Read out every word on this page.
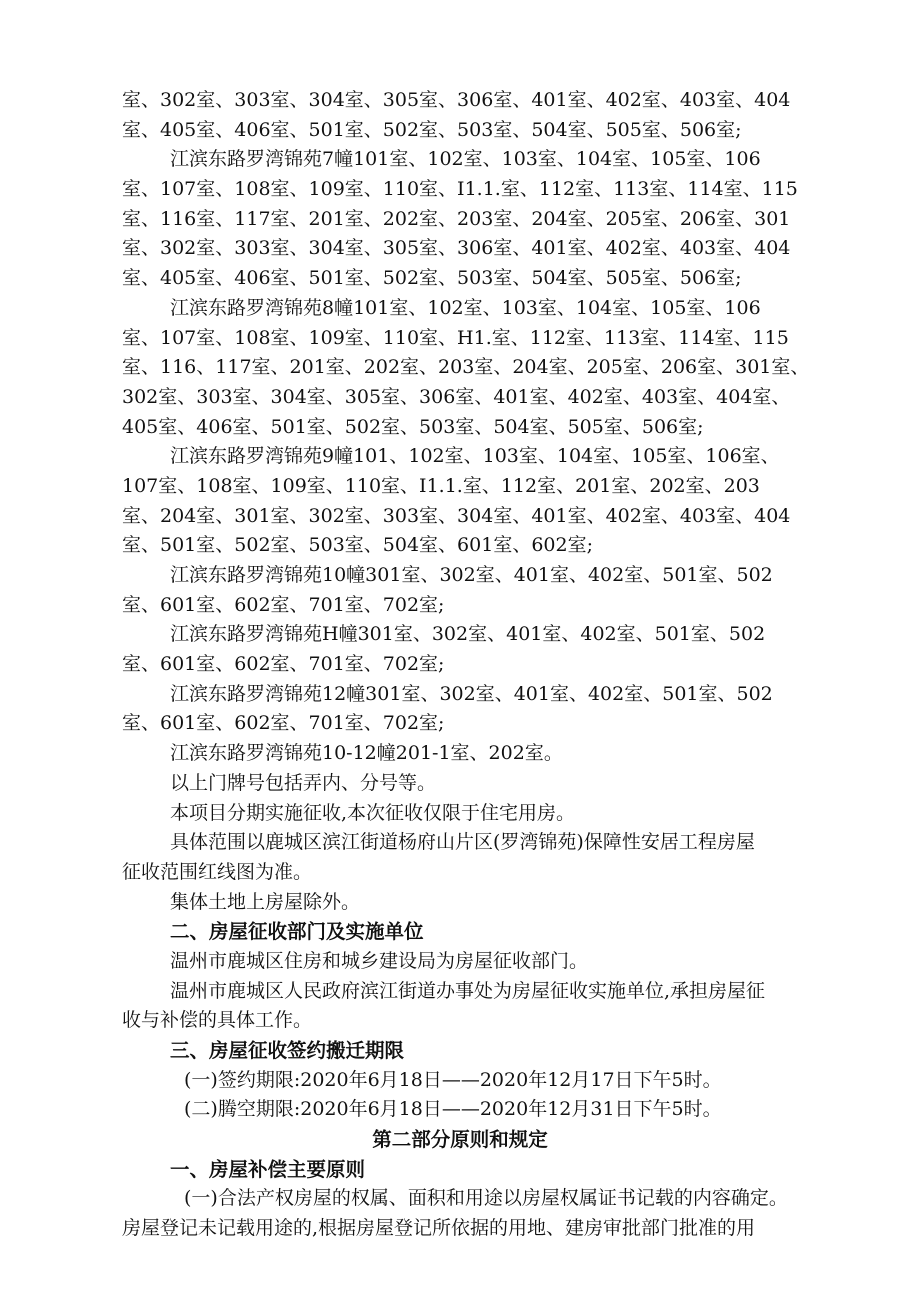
室、302室、303室、304室、305室、306室、401室、402室、403室、404
室、405室、406室、501室、502室、503室、504室、505室、506室;
江滨东路罗湾锦苑7幢101室、102室、103室、104室、105室、106
室、107室、108室、109室、110室、I1.1.室、112室、113室、114室、115
室、116室、117室、201室、202室、203室、204室、205室、206室、301
室、302室、303室、304室、305室、306室、401室、402室、403室、404
室、405室、406室、501室、502室、503室、504室、505室、506室;
江滨东路罗湾锦苑8幢101室、102室、103室、104室、105室、106
室、107室、108室、109室、110室、H1.室、112室、113室、114室、115
室、116、117室、201室、202室、203室、204室、205室、206室、301室、
302室、303室、304室、305室、306室、401室、402室、403室、404室、
405室、406室、501室、502室、503室、504室、505室、506室;
江滨东路罗湾锦苑9幢101、102室、103室、104室、105室、106室、
107室、108室、109室、110室、I1.1.室、112室、201室、202室、203
室、204室、301室、302室、303室、304室、401室、402室、403室、404
室、501室、502室、503室、504室、601室、602室;
江滨东路罗湾锦苑10幢301室、302室、401室、402室、501室、502
室、601室、602室、701室、702室;
江滨东路罗湾锦苑H幢301室、302室、401室、402室、501室、502
室、601室、602室、701室、702室;
江滨东路罗湾锦苑12幢301室、302室、401室、402室、501室、502
室、601室、602室、701室、702室;
江滨东路罗湾锦苑10-12幢201-1室、202室。
以上门牌号包括弄内、分号等。
本项目分期实施征收,本次征收仅限于住宅用房。
具体范围以鹿城区滨江街道杨府山片区(罗湾锦苑)保障性安居工程房屋
征收范围红线图为准。
集体土地上房屋除外。
二、房屋征收部门及实施单位
温州市鹿城区住房和城乡建设局为房屋征收部门。
温州市鹿城区人民政府滨江街道办事处为房屋征收实施单位,承担房屋征
收与补偿的具体工作。
三、房屋征收签约搬迁期限
(一)签约期限:2020年6月18日——2020年12月17日下午5时。
(二)腾空期限:2020年6月18日——2020年12月31日下午5时。
第二部分原则和规定
一、房屋补偿主要原则
(一)合法产权房屋的权属、面积和用途以房屋权属证书记载的内容确定。
房屋登记未记载用途的,根据房屋登记所依据的用地、建房审批部门批准的用
